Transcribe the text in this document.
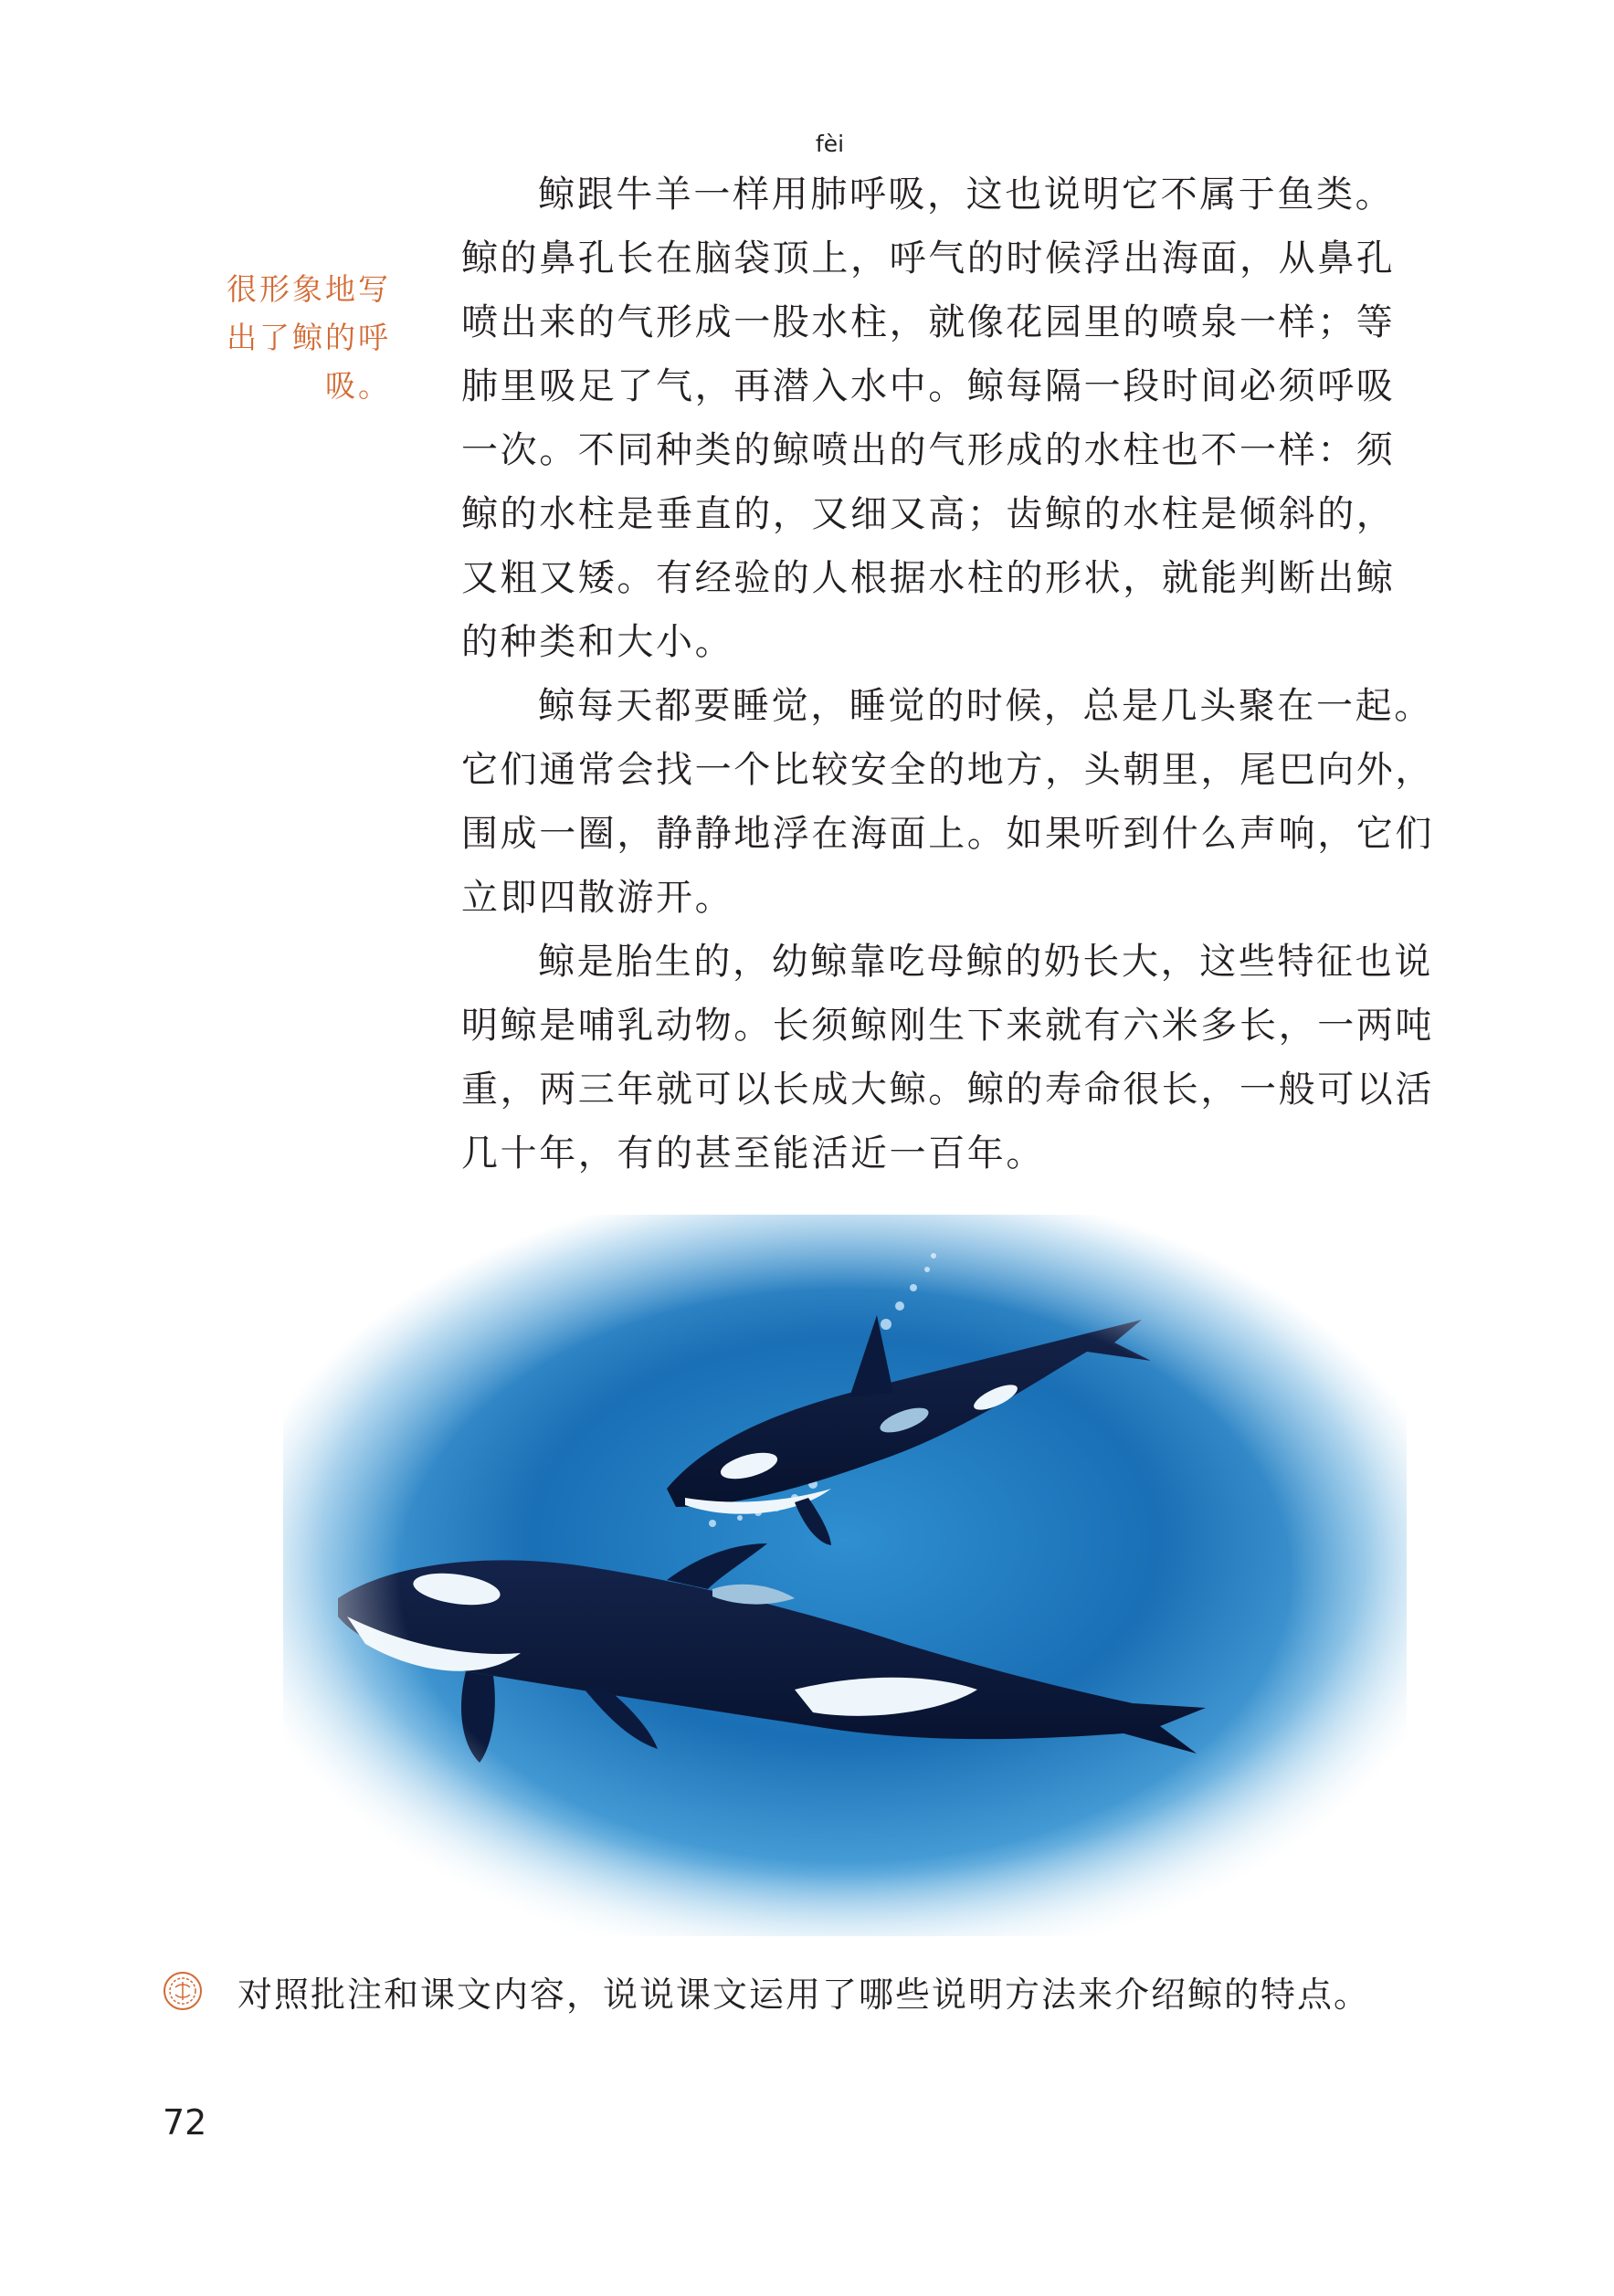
很形象地写
出了鲸的呼吸。

鲸跟牛羊一样用
fèi
肺呼吸，这也说明它不属于鱼类。
鲸的鼻孔长在脑袋顶上，呼气的时候浮出海面，从鼻孔
喷出来的气形成一股水柱，就像花园里的喷泉一样；等
肺里吸足了气，再潜入水中。鲸每隔一段时间必须呼吸
一次。不同种类的鲸喷出的气形成的水柱也不一样：须
鲸的水柱是垂直的，又细又高；齿鲸的水柱是倾斜的，
又粗又矮。有经验的人根据水柱的形状，就能判断出鲸
的种类和大小。

鲸每天都要睡觉，睡觉的时候，总是几头聚在一起。
它们通常会找一个比较安全的地方，头朝里，尾巴向外，
围成一圈，静静地浮在海面上。如果听到什么声响，它们
立即四散游开。

鲸是胎生的，幼鲸靠吃母鲸的奶长大，这些特征也说
明鲸是哺乳动物。长须鲸刚生下来就有六米多长，一两吨
重，两三年就可以长成大鲸。鲸的寿命很长，一般可以活
几十年，有的甚至能活近一百年。

对照批注和课文内容，说说课文运用了哪些说明方法来介绍鲸的特点。
72
